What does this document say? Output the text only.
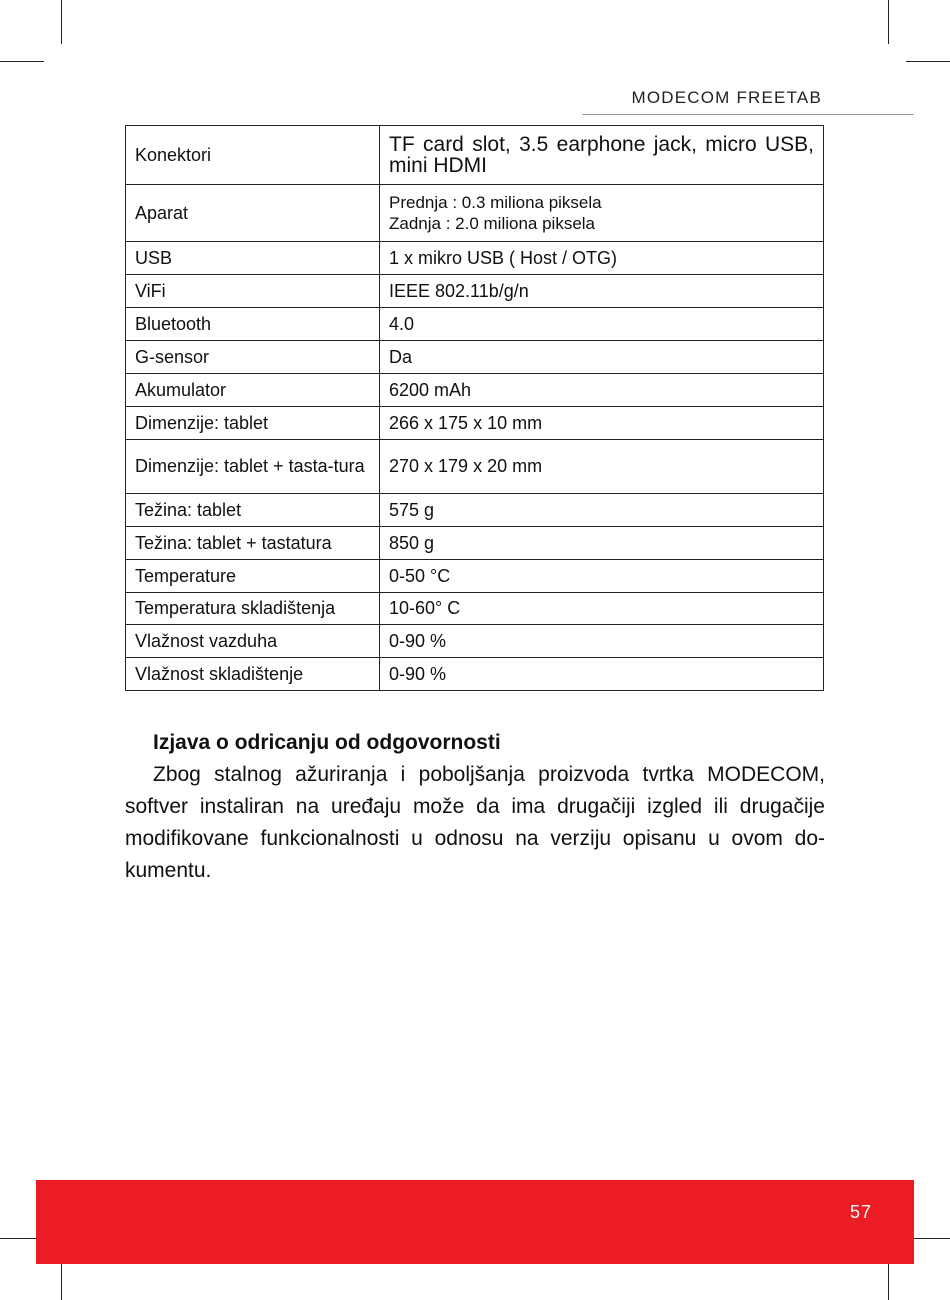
MODECOM FREETAB
Konektori	TF card slot, 3.5 earphone jack, micro USB, mini HDMI
Aparat	Prednja : 0.3 miliona piksela
Zadnja : 2.0 miliona piksela

USB	1 x mikro USB ( Host / OTG)
ViFi	IEEE 802.11b/g/n
Bluetooth	4.0
G-sensor	Da
Akumulator	6200 mAh
Dimenzije: tablet	266 x 175 x 10 mm
Dimenzije: tablet + tasta-tura	270 x 179 x 20 mm
Težina: tablet	575 g
Težina: tablet + tastatura	850 g
Temperature	0-50 °C
Temperatura skladištenja	10-60° C
Vlažnost vazduha	0-90 %
Vlažnost skladištenje	0-90 %
Izjava o odricanju od odgovornosti

Zbog stalnog ažuriranja i poboljšanja proizvoda tvrtka MODECOM, softver instaliran na uređaju može da ima drugačiji izgled ili drugačije modifikovane funkcionalnosti u odnosu na verziju opisanu u ovom do-kumentu.

57
